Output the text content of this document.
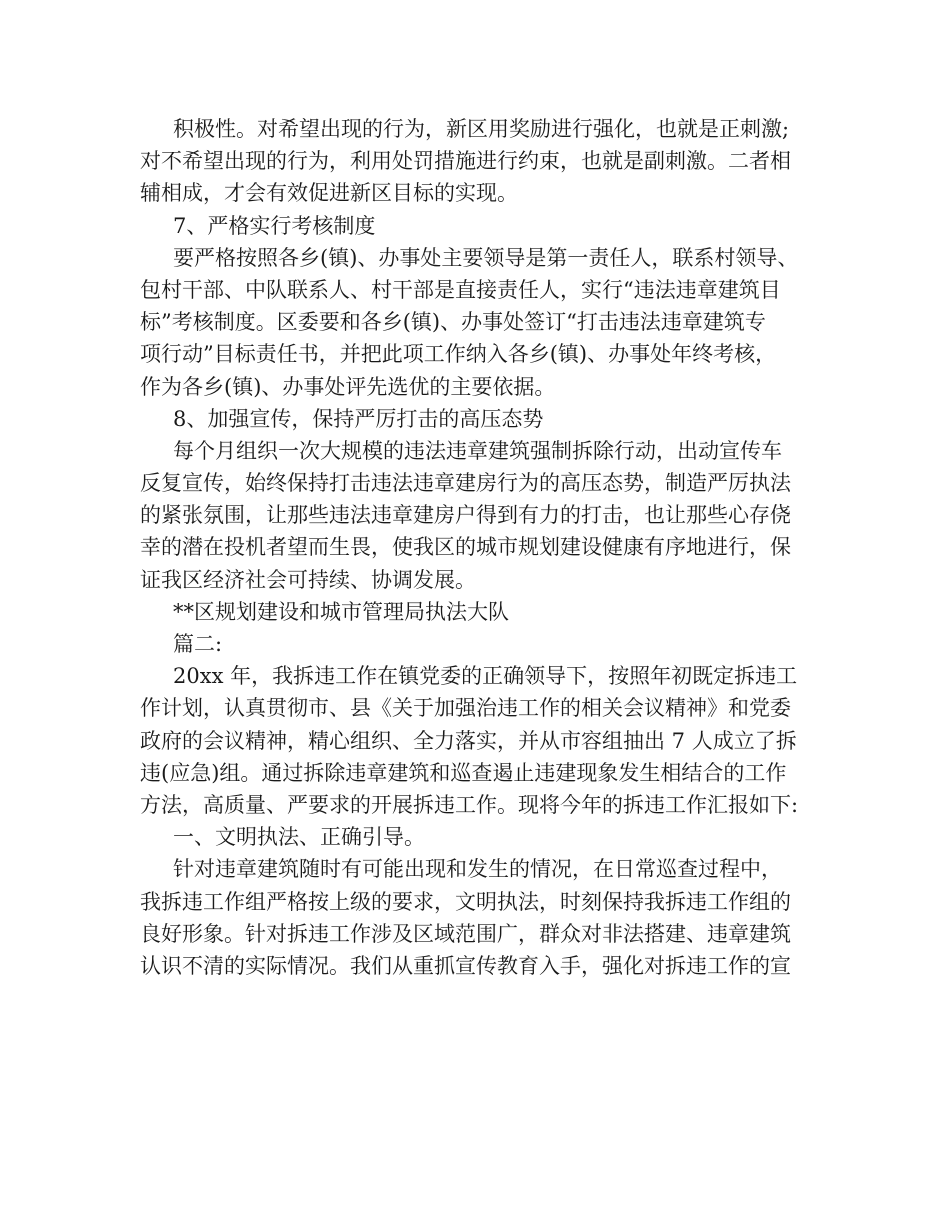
积极性。对希望出现的行为，新区用奖励进行强化，也就是正刺激;
对不希望出现的行为，利用处罚措施进行约束，也就是副刺激。二者相
辅相成，才会有效促进新区目标的实现。
7、严格实行考核制度
要严格按照各乡(镇)、办事处主要领导是第一责任人，联系村领导、
包村干部、中队联系人、村干部是直接责任人，实行“违法违章建筑目
标”考核制度。区委要和各乡(镇)、办事处签订“打击违法违章建筑专
项行动”目标责任书，并把此项工作纳入各乡(镇)、办事处年终考核，
作为各乡(镇)、办事处评先选优的主要依据。
8、加强宣传，保持严厉打击的高压态势
每个月组织一次大规模的违法违章建筑强制拆除行动，出动宣传车
反复宣传，始终保持打击违法违章建房行为的高压态势，制造严厉执法
的紧张氛围，让那些违法违章建房户得到有力的打击，也让那些心存侥
幸的潜在投机者望而生畏，使我区的城市规划建设健康有序地进行，保
证我区经济社会可持续、协调发展。
**区规划建设和城市管理局执法大队
篇二:
20xx 年，我拆违工作在镇党委的正确领导下，按照年初既定拆违工
作计划，认真贯彻市、县《关于加强治违工作的相关会议精神》和党委
政府的会议精神，精心组织、全力落实，并从市容组抽出 7 人成立了拆
违(应急)组。通过拆除违章建筑和巡查遏止违建现象发生相结合的工作
方法，高质量、严要求的开展拆违工作。现将今年的拆违工作汇报如下:
一、文明执法、正确引导。
针对违章建筑随时有可能出现和发生的情况，在日常巡查过程中，
我拆违工作组严格按上级的要求，文明执法，时刻保持我拆违工作组的
良好形象。针对拆违工作涉及区域范围广，群众对非法搭建、违章建筑
认识不清的实际情况。我们从重抓宣传教育入手，强化对拆违工作的宣
